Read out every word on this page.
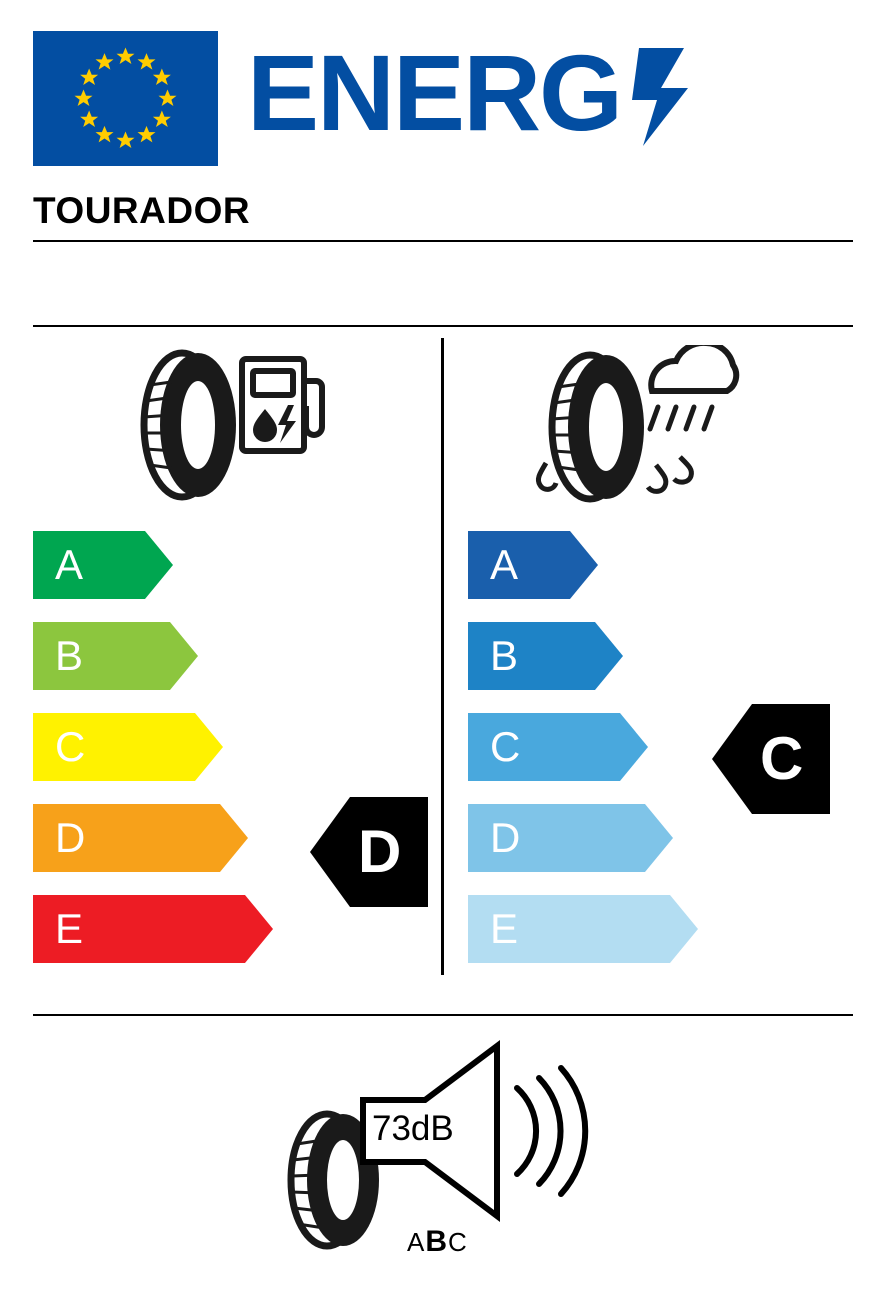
ENERG
TOURADOR
A
B
C
D
E
D
A
B
C
D
E
C
73dB
ABC
